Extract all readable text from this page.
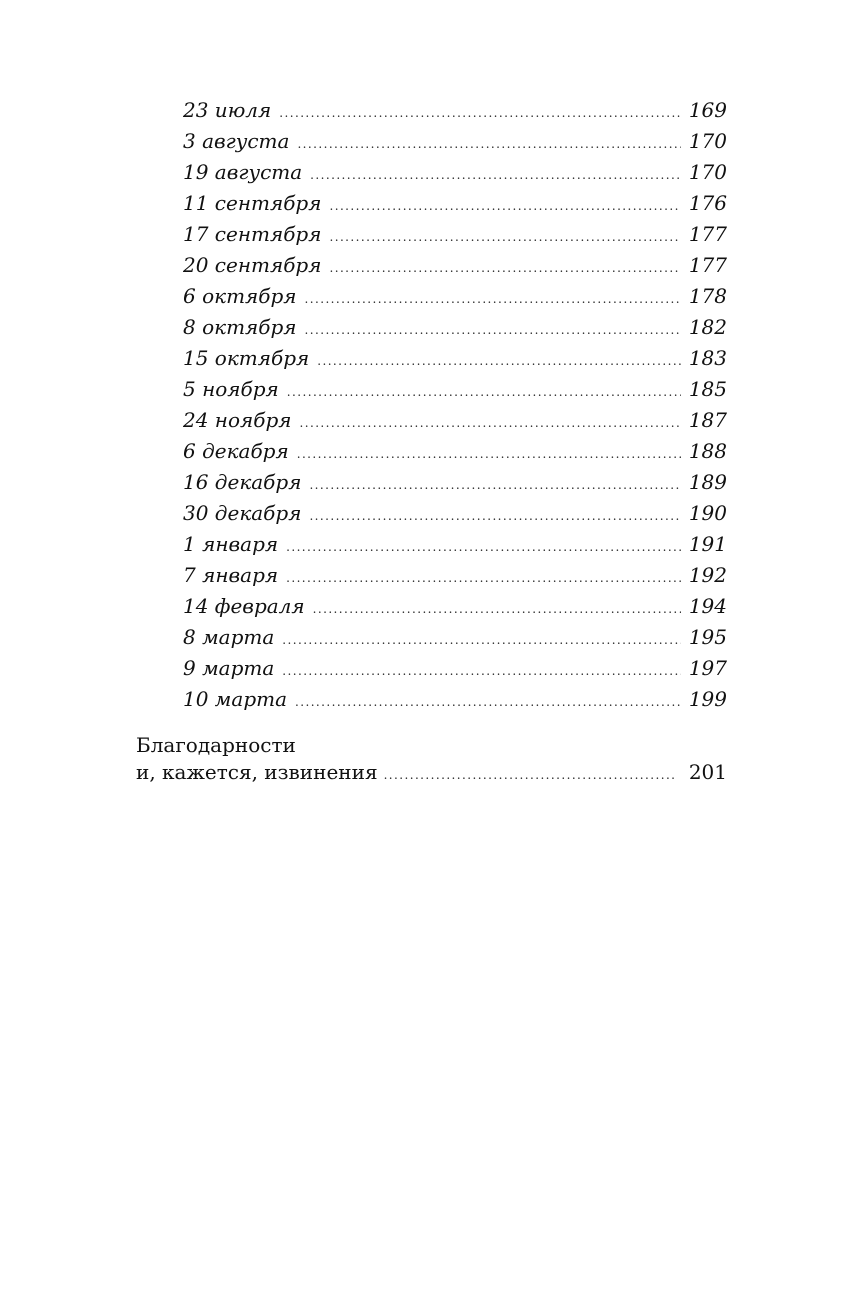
23 июля . . .	169
3 августа . . .	170
19 августа . . .	170
11 сентября . . .	176
17 сентября . . .	177
20 сентября . . .	177
6 октября . . .	178
8 октября . . .	182
15 октября . . .	183
5 ноября . . .	185
24 ноября . . .	187
6 декабря . . .	188
16 декабря . . .	189
30 декабря . . .	190
1 января . . .	191
7 января . . .	192
14 февраля . . .	194
8 марта . . .	195
9 марта . . .	197
10 марта . . .	199
Благодарности
и, кажется, извинения . . .	201
